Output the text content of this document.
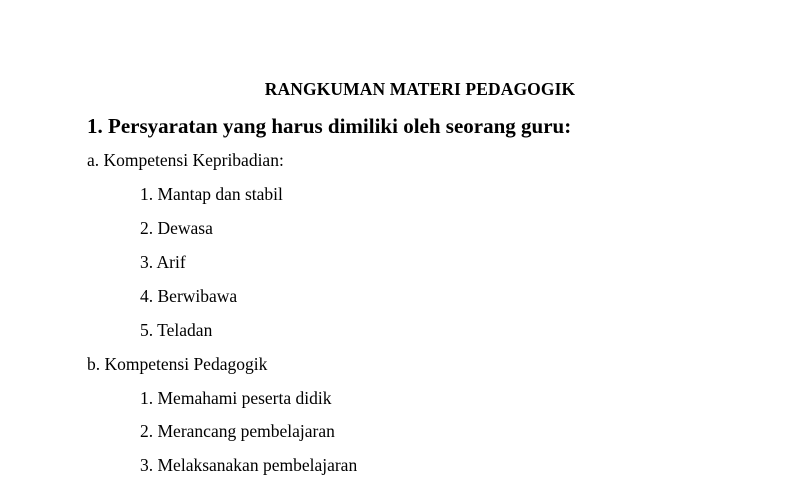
RANGKUMAN MATERI PEDAGOGIK
1. Persyaratan yang harus dimiliki oleh seorang guru:
a. Kompetensi Kepribadian:
1. Mantap dan stabil
2. Dewasa
3. Arif
4. Berwibawa
5. Teladan
b. Kompetensi Pedagogik
1. Memahami peserta didik
2. Merancang pembelajaran
3. Melaksanakan pembelajaran
